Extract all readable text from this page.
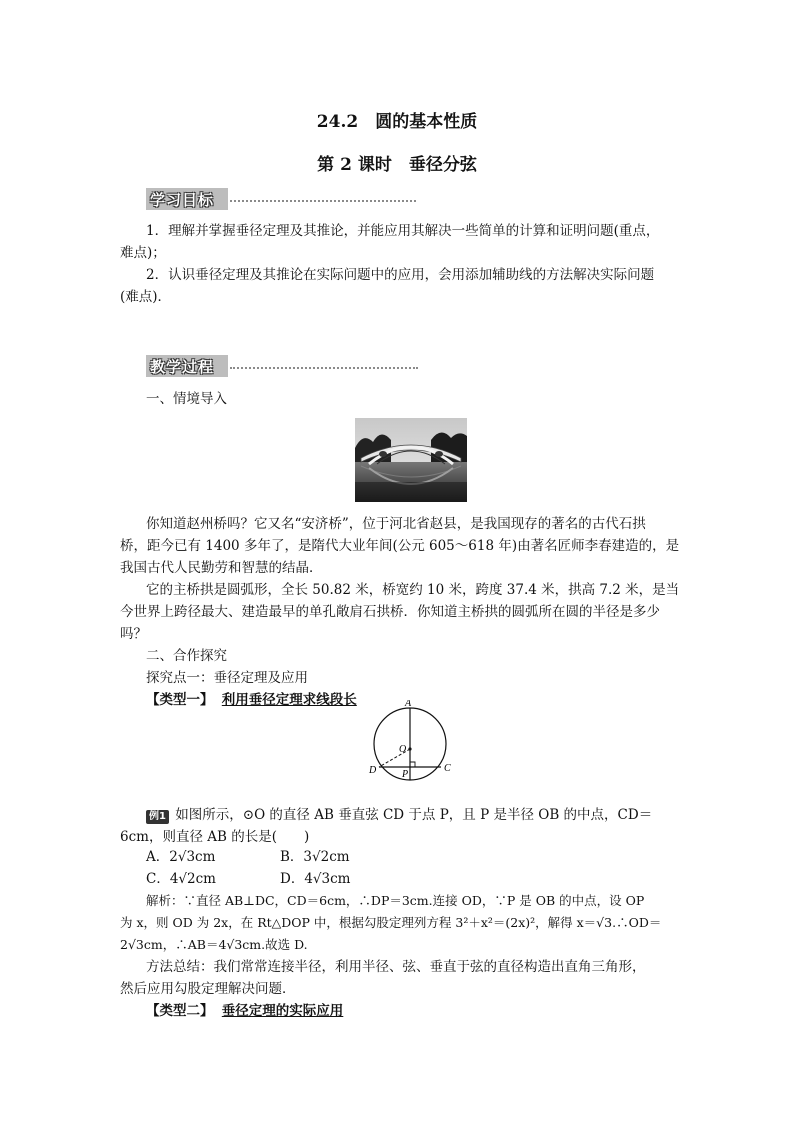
24.2　圆的基本性质
第 2 课时　垂径分弦
学习目标
1．理解并掌握垂径定理及其推论，并能应用其解决一些简单的计算和证明问题(重点，
难点)；
2．认识垂径定理及其推论在实际问题中的应用，会用添加辅助线的方法解决实际问题
(难点)．
教学过程
一、情境导入
你知道赵州桥吗？它又名“安济桥”，位于河北省赵县，是我国现存的著名的古代石拱
桥，距今已有 1400 多年了，是隋代大业年间(公元 605～618 年)由著名匠师李春建造的，是
我国古代人民勤劳和智慧的结晶．
它的主桥拱是圆弧形，全长 50.82 米，桥宽约 10 米，跨度 37.4 米，拱高 7.2 米，是当
今世界上跨径最大、建造最早的单孔敞肩石拱桥．你知道主桥拱的圆弧所在圆的半径是多少
吗？
二、合作探究
探究点一：垂径定理及应用
【类型一】 利用垂径定理求线段长	A
O
D	P
C
例1 如图所示，⊙O 的直径 AB 垂直弦 CD 于点 P，且 P 是半径 OB 的中点，CD＝
6cm，则直径 AB 的长是(　　)
A．2√3cm	B．3√2cm
C．4√2cm	D．4√3cm
解析：∵直径 AB⊥DC，CD＝6cm，∴DP＝3cm.连接 OD，∵P 是 OB 的中点，设 OP
为 x，则 OD 为 2x，在 Rt△DOP 中，根据勾股定理列方程 3²＋x²＝(2x)²，解得 x＝√3.∴OD＝
2√3cm，∴AB＝4√3cm.故选 D.
方法总结：我们常常连接半径，利用半径、弦、垂直于弦的直径构造出直角三角形，
然后应用勾股定理解决问题．
【类型二】 垂径定理的实际应用
